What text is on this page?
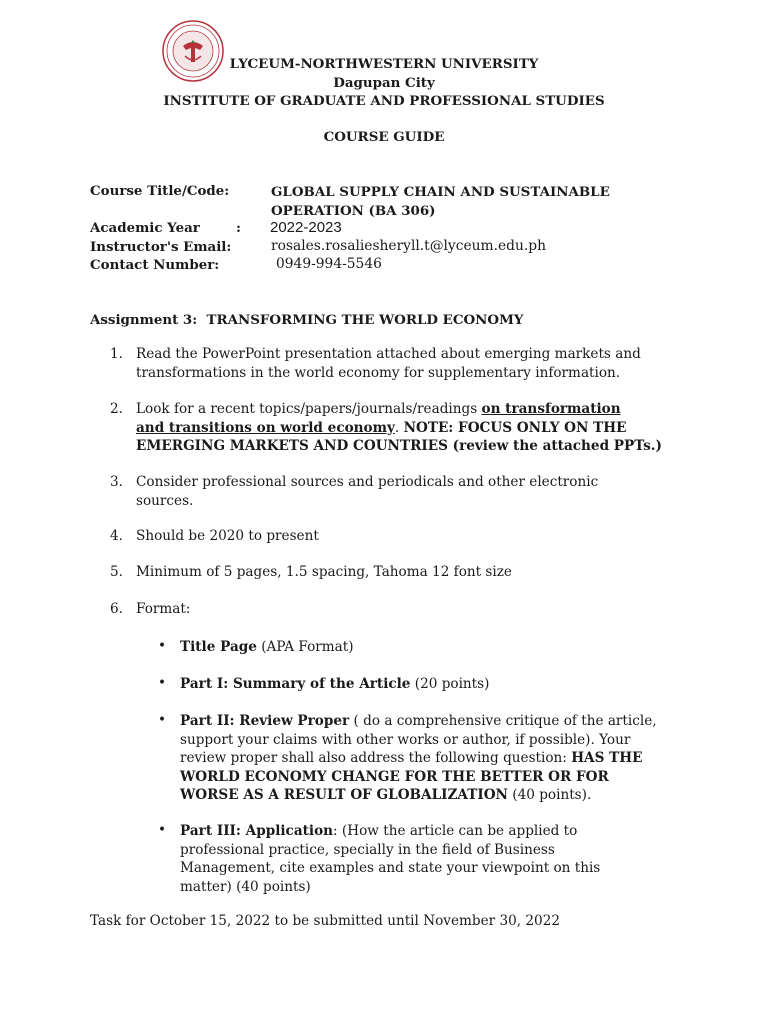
LYCEUM-NORTHWESTERN UNIVERSITY
Dagupan City
INSTITUTE OF GRADUATE AND PROFESSIONAL STUDIES
COURSE GUIDE
Course Title/Code:	GLOBAL SUPPLY CHAIN AND SUSTAINABLE
OPERATION (BA 306)
Academic Year	: 2022-2023
Instructor's Email:	rosales.rosaliesheryll.t@lyceum.edu.ph
Contact Number:	0949-994-5546
Assignment 3: TRANSFORMING THE WORLD ECONOMY
1. Read the PowerPoint presentation attached about emerging markets and
transformations in the world economy for supplementary information.
2. Look for a recent topics/papers/journals/readings on transformation
and transitions on world economy. NOTE: FOCUS ONLY ON THE
EMERGING MARKETS AND COUNTRIES (review the attached PPTs.)
3. Consider professional sources and periodicals and other electronic
sources.
4. Should be 2020 to present
5. Minimum of 5 pages, 1.5 spacing, Tahoma 12 font size
6. Format:
• Title Page (APA Format)
• Part I: Summary of the Article (20 points)
• Part II: Review Proper ( do a comprehensive critique of the article,
support your claims with other works or author, if possible). Your
review proper shall also address the following question: HAS THE
WORLD ECONOMY CHANGE FOR THE BETTER OR FOR
WORSE AS A RESULT OF GLOBALIZATION (40 points).
• Part III: Application: (How the article can be applied to
professional practice, specially in the field of Business
Management, cite examples and state your viewpoint on this
matter) (40 points)
Task for October 15, 2022 to be submitted until November 30, 2022
